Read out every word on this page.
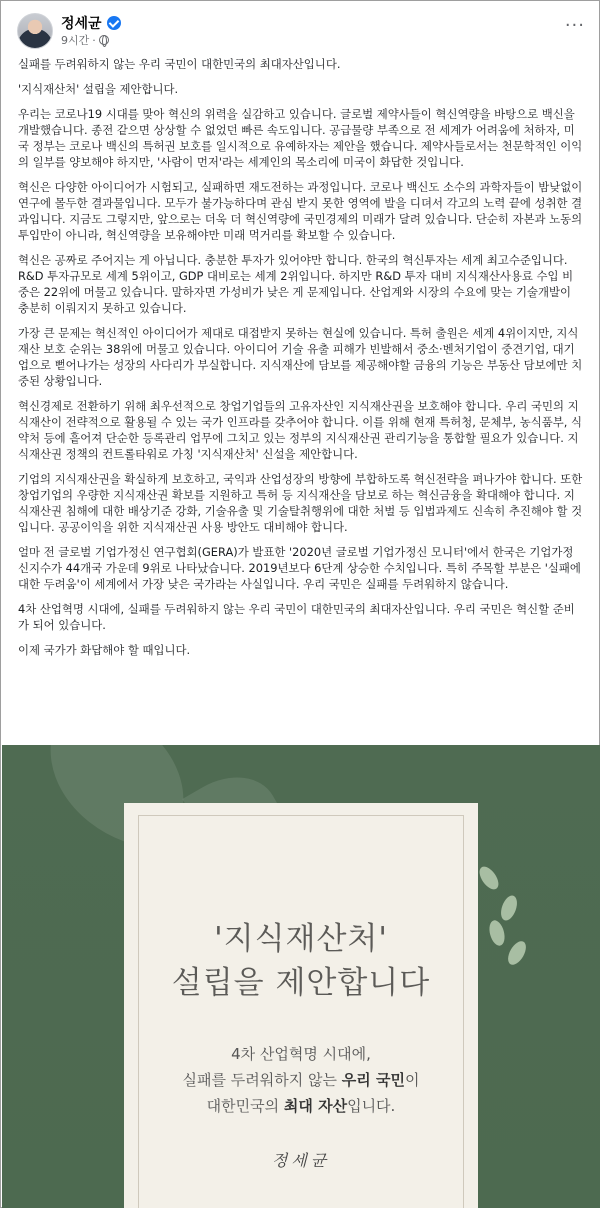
정세균
9시간 ·
···

실패를 두려워하지 않는 우리 국민이 대한민국의 최대자산입니다.

'지식재산처' 설립을 제안합니다.

우리는 코로나19 시대를 맞아 혁신의 위력을 실감하고 있습니다. 글로벌 제약사들이 혁신역량을 바탕으로 백신을 개발했습니다. 종전 같으면 상상할 수 없었던 빠른 속도입니다. 공급물량 부족으로 전 세계가 어려움에 처하자, 미국 정부는 코로나 백신의 특허권 보호를 일시적으로 유예하자는 제안을 했습니다. 제약사들로서는 천문학적인 이익의 일부를 양보해야 하지만, '사람이 먼저'라는 세계인의 목소리에 미국이 화답한 것입니다.

혁신은 다양한 아이디어가 시험되고, 실패하면 재도전하는 과정입니다. 코로나 백신도 소수의 과학자들이 밤낮없이 연구에 몰두한 결과물입니다. 모두가 불가능하다며 관심 받지 못한 영역에 발을 디뎌서 각고의 노력 끝에 성취한 결과입니다. 지금도 그렇지만, 앞으로는 더욱 더 혁신역량에 국민경제의 미래가 달려 있습니다. 단순히 자본과 노동의 투입만이 아니라, 혁신역량을 보유해야만 미래 먹거리를 확보할 수 있습니다.

혁신은 공짜로 주어지는 게 아닙니다. 충분한 투자가 있어야만 합니다. 한국의 혁신투자는 세계 최고수준입니다. R&D 투자규모로 세계 5위이고, GDP 대비로는 세계 2위입니다. 하지만 R&D 투자 대비 지식재산사용료 수입 비중은 22위에 머물고 있습니다. 말하자면 가성비가 낮은 게 문제입니다. 산업계와 시장의 수요에 맞는 기술개발이 충분히 이뤄지지 못하고 있습니다.

가장 큰 문제는 혁신적인 아이디어가 제대로 대접받지 못하는 현실에 있습니다. 특허 출원은 세계 4위이지만, 지식재산 보호 순위는 38위에 머물고 있습니다. 아이디어 기술 유출 피해가 빈발해서 중소·벤처기업이 중견기업, 대기업으로 뻗어나가는 성장의 사다리가 부실합니다. 지식재산에 담보를 제공해야할 금융의 기능은 부동산 담보에만 치중된 상황입니다.

혁신경제로 전환하기 위해 최우선적으로 창업기업들의 고유자산인 지식재산권을 보호해야 합니다. 우리 국민의 지식재산이 전략적으로 활용될 수 있는 국가 인프라를 갖추어야 합니다. 이를 위해 현재 특허청, 문체부, 농식품부, 식약처 등에 흩어져 단순한 등록관리 업무에 그치고 있는 정부의 지식재산권 관리기능을 통합할 필요가 있습니다. 지식재산권 정책의 컨트롤타워로 가칭 '지식재산처' 신설을 제안합니다.

기업의 지식재산권을 확실하게 보호하고, 국익과 산업성장의 방향에 부합하도록 혁신전략을 펴나가야 합니다. 또한 창업기업의 우량한 지식재산권 확보를 지원하고 특허 등 지식재산을 담보로 하는 혁신금융을 확대해야 합니다. 지식재산권 침해에 대한 배상기준 강화, 기술유출 및 기술탈취행위에 대한 처벌 등 입법과제도 신속히 추진해야 할 것입니다. 공공이익을 위한 지식재산권 사용 방안도 대비해야 합니다.

얼마 전 글로벌 기업가정신 연구협회(GERA)가 발표한 '2020년 글로벌 기업가정신 모니터'에서 한국은 기업가정신지수가 44개국 가운데 9위로 나타났습니다. 2019년보다 6단계 상승한 수치입니다. 특히 주목할 부분은 '실패에 대한 두려움'이 세계에서 가장 낮은 국가라는 사실입니다. 우리 국민은 실패를 두려워하지 않습니다.

4차 산업혁명 시대에, 실패를 두려워하지 않는 우리 국민이 대한민국의 최대자산입니다. 우리 국민은 혁신할 준비가 되어 있습니다.

이제 국가가 화답해야 할 때입니다.

'지식재산처'
설립을 제안합니다
4차 산업혁명 시대에,
실패를 두려워하지 않는 우리 국민이
대한민국의 최대 자산입니다.
정세균
